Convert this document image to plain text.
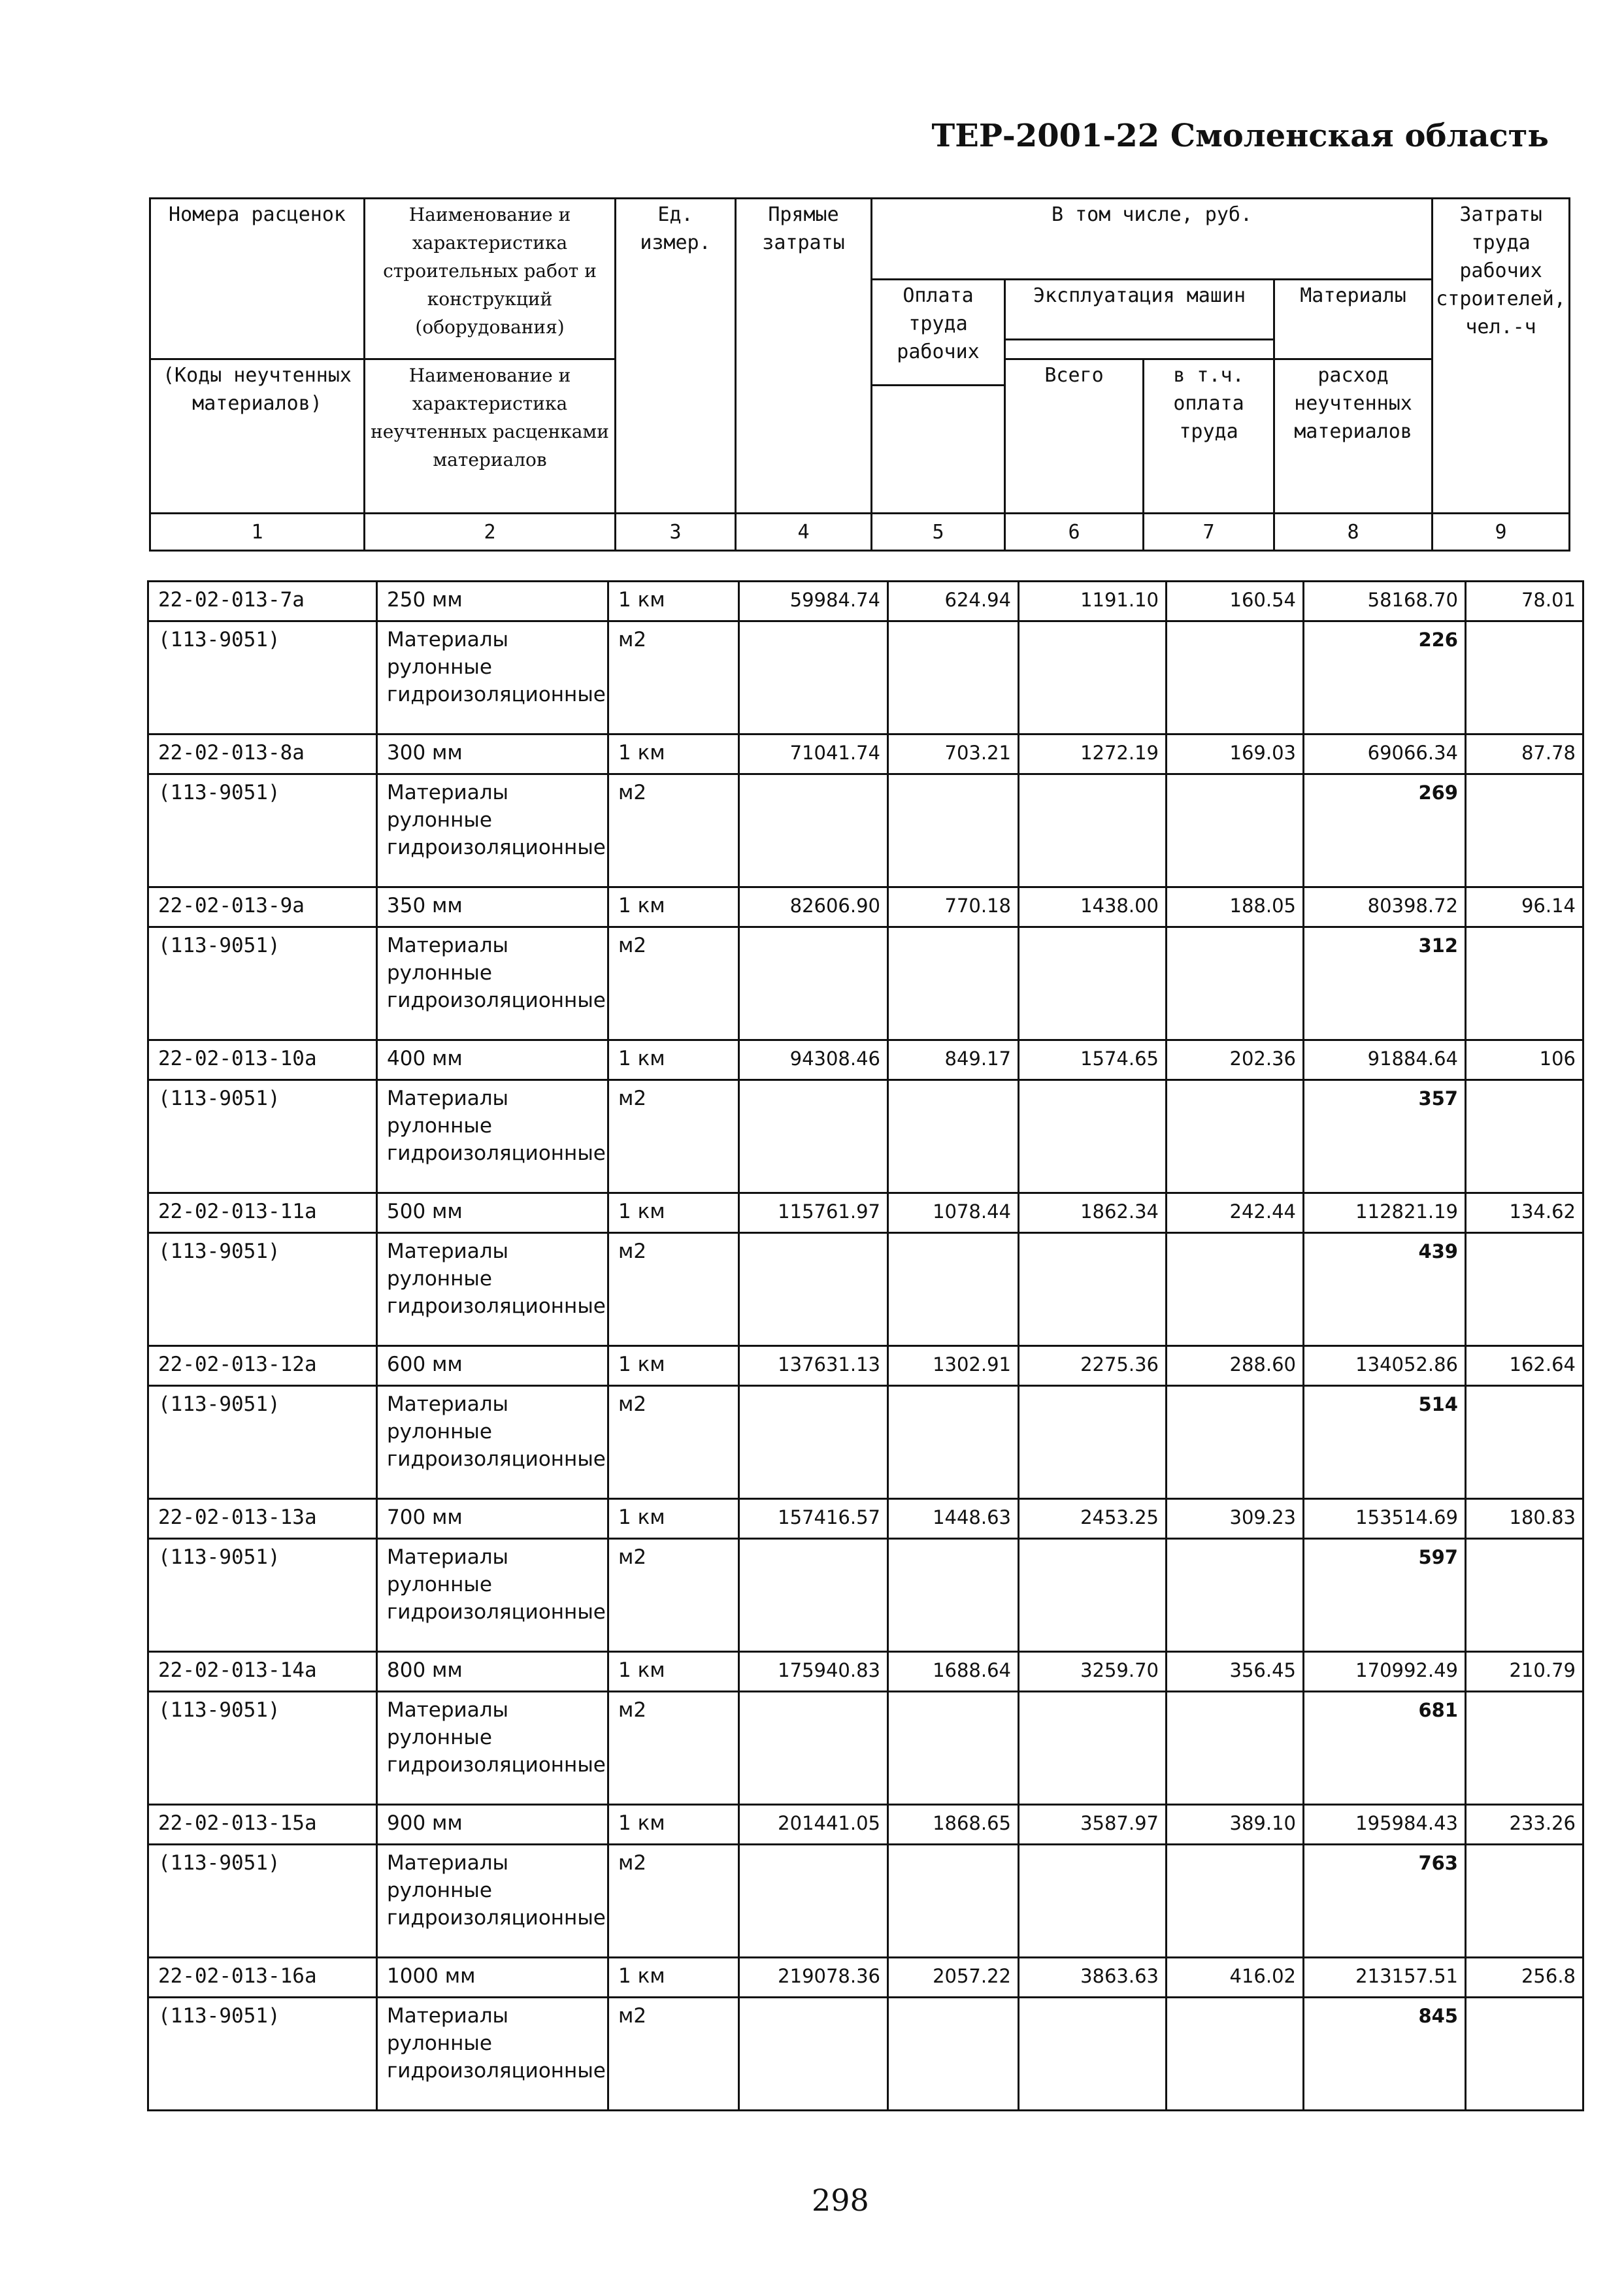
ТЕР-2001-22 Смоленская область
Номера расценок	Наименование и характеристика строительных работ и конструкций (оборудования)	Ед. измер.	Прямые затраты	В том числе, руб.				Затраты труда рабочих строителей, чел.-ч
				Оплата труда рабочих	Эксплуатация машин		Материалы	

(Коды неучтенных материалов)	Наименование и характеристика неучтенных расценками материалов				Всего	в т.ч. оплата труда	расход неучтенных материалов	

1	2	3	4	5	6	7	8	9
22-02-013-7а	250 мм	1 км	59984.74	624.94	1191.10	160.54	58168.70	78.01
(113-9051)	Материалы рулонные гидроизоляционные	м2					226	
22-02-013-8а	300 мм	1 км	71041.74	703.21	1272.19	169.03	69066.34	87.78
(113-9051)	Материалы рулонные гидроизоляционные	м2					269	
22-02-013-9а	350 мм	1 км	82606.90	770.18	1438.00	188.05	80398.72	96.14
(113-9051)	Материалы рулонные гидроизоляционные	м2					312	
22-02-013-10а	400 мм	1 км	94308.46	849.17	1574.65	202.36	91884.64	106
(113-9051)	Материалы рулонные гидроизоляционные	м2					357	
22-02-013-11а	500 мм	1 км	115761.97	1078.44	1862.34	242.44	112821.19	134.62
(113-9051)	Материалы рулонные гидроизоляционные	м2					439	
22-02-013-12а	600 мм	1 км	137631.13	1302.91	2275.36	288.60	134052.86	162.64
(113-9051)	Материалы рулонные гидроизоляционные	м2					514	
22-02-013-13а	700 мм	1 км	157416.57	1448.63	2453.25	309.23	153514.69	180.83
(113-9051)	Материалы рулонные гидроизоляционные	м2					597	
22-02-013-14а	800 мм	1 км	175940.83	1688.64	3259.70	356.45	170992.49	210.79
(113-9051)	Материалы рулонные гидроизоляционные	м2					681	
22-02-013-15а	900 мм	1 км	201441.05	1868.65	3587.97	389.10	195984.43	233.26
(113-9051)	Материалы рулонные гидроизоляционные	м2					763	
22-02-013-16а	1000 мм	1 км	219078.36	2057.22	3863.63	416.02	213157.51	256.8
(113-9051)	Материалы рулонные гидроизоляционные	м2					845	

298
